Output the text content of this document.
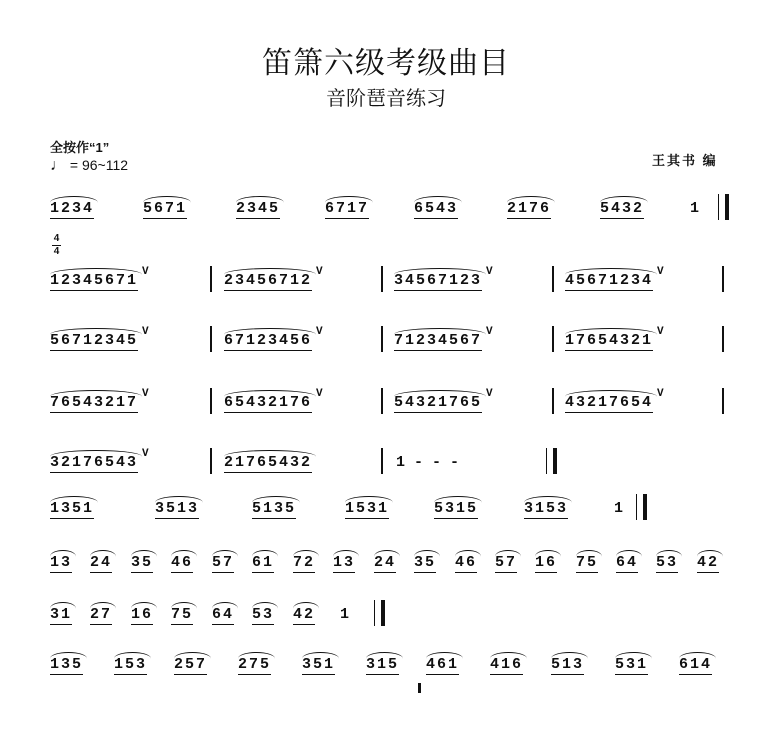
笛箫六级考级曲目
音阶琶音练习
全按作“1”
♩ = 96~112	王其书 编
4
4
1234	5671	2345	6717	6543	2176	5432	1
12345671 V	23456712 V	34567123 V	45671234 V
56712345 V	67123456 V	71234567 V	17654321 V
76543217 V	65432176 V	54321765 V	43217654 V
32176543 V	21765432	1 - - -
1351	3513	5135	1531	5315	3153	1
13 24 35 46 57 61 72 13 24 35 46 57 16 75 64 53 42
31 27 16 75 64 53 42 1
135 153 257 275 351 315 461 416 513 531 614
